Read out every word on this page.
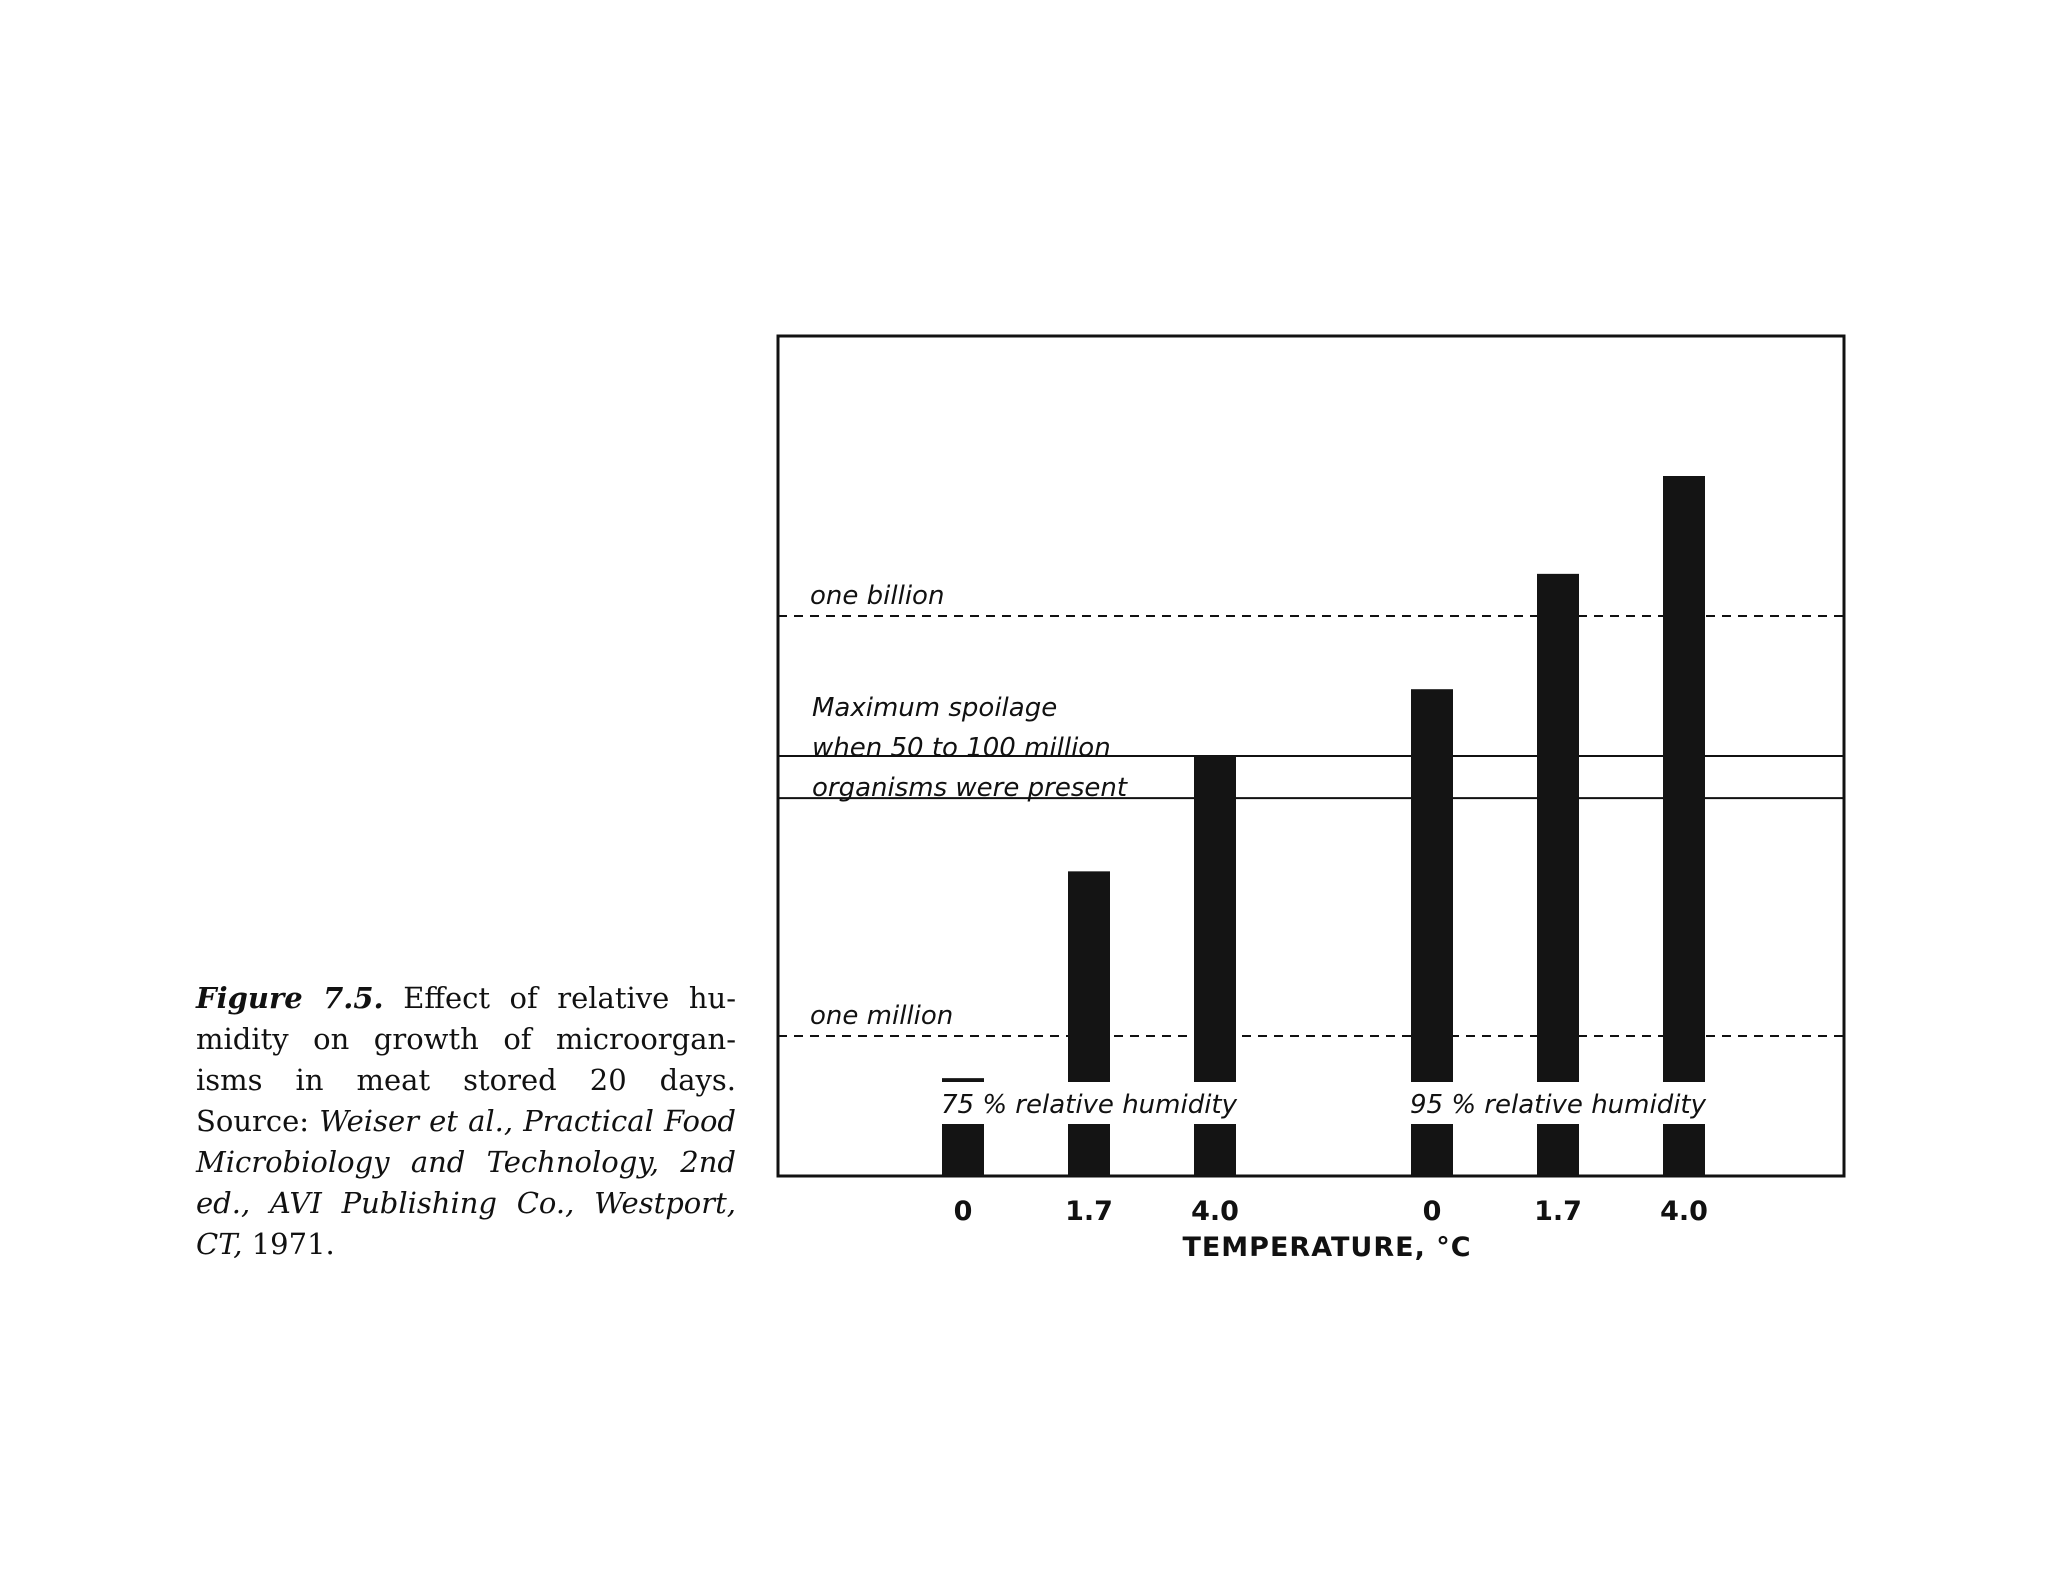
Figure 7.5. Effect of relative hu-
midity on growth of microorgan-
isms in meat stored 20 days.
Source: Weiser et al., Practical Food
Microbiology and Technology, 2nd
ed., AVI Publishing Co., Westport,
CT, 1971.
one billion
one million
Maximum spoilage
when 50 to 100 million
organisms were present
75 % relative humidity	95 % relative humidity
0	1.7	4.0	0	1.7	4.0
TEMPERATURE, °C
